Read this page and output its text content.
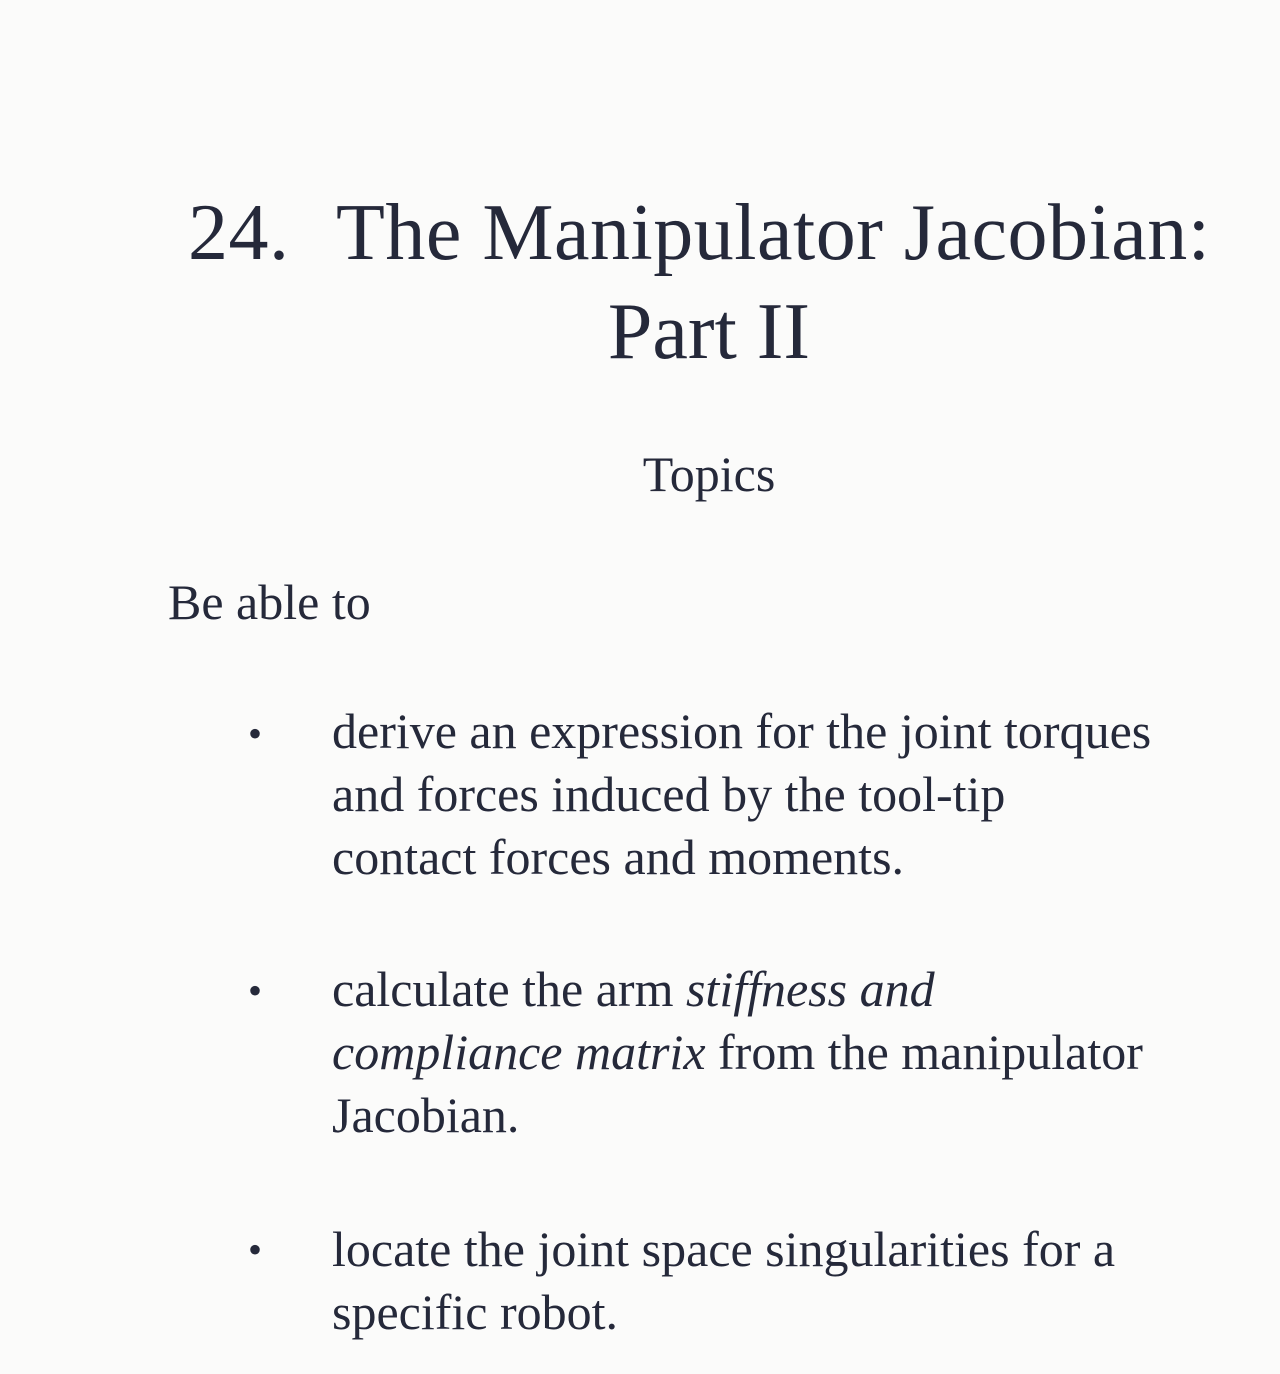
24. The Manipulator Jacobian:
Part II
Topics
Be able to
• derive an expression for the joint torques
and forces induced by the tool-tip
contact forces and moments.
• calculate the arm stiffness and
compliance matrix from the manipulator
Jacobian.
• locate the joint space singularities for a
specific robot.
